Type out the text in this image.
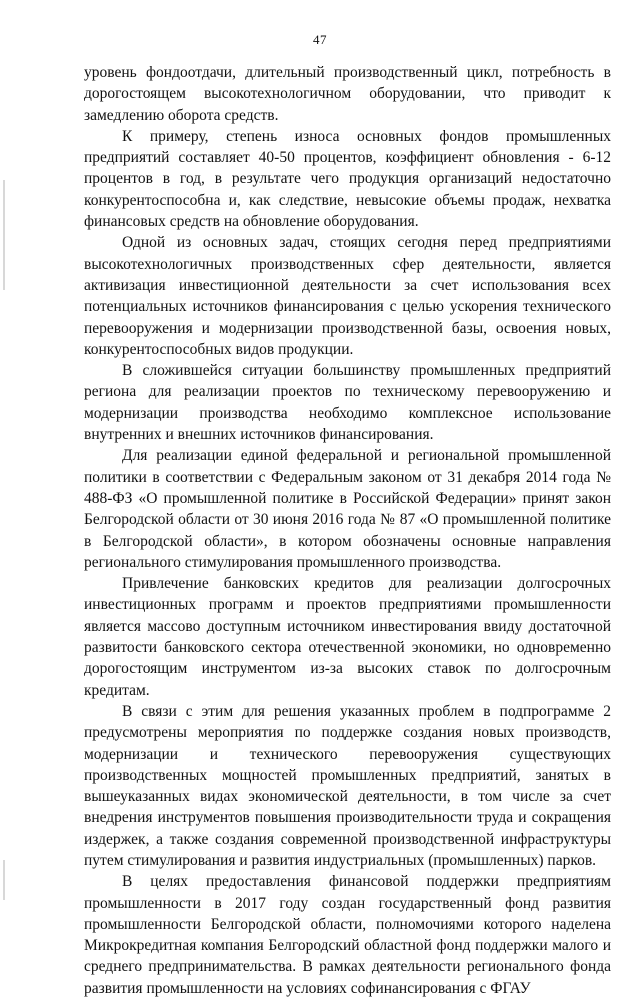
47

уровень фондоотдачи, длительный производственный цикл, потребность в дорогостоящем высокотехнологичном оборудовании, что приводит к замедлению оборота средств.

К примеру, степень износа основных фондов промышленных предприятий составляет 40-50 процентов, коэффициент обновления - 6-12 процентов в год, в результате чего продукция организаций недостаточно конкурентоспособна и, как следствие, невысокие объемы продаж, нехватка финансовых средств на обновление оборудования.

Одной из основных задач, стоящих сегодня перед предприятиями высокотехнологичных производственных сфер деятельности, является активизация инвестиционной деятельности за счет использования всех потенциальных источников финансирования с целью ускорения технического перевооружения и модернизации производственной базы, освоения новых, конкурентоспособных видов продукции.

В сложившейся ситуации большинству промышленных предприятий региона для реализации проектов по техническому перевооружению и модернизации производства необходимо комплексное использование внутренних и внешних источников финансирования.

Для реализации единой федеральной и региональной промышленной политики в соответствии с Федеральным законом от 31 декабря 2014 года № 488-ФЗ «О промышленной политике в Российской Федерации» принят закон Белгородской области от 30 июня 2016 года № 87 «О промышленной политике в Белгородской области», в котором обозначены основные направления регионального стимулирования промышленного производства.

Привлечение банковских кредитов для реализации долгосрочных инвестиционных программ и проектов предприятиями промышленности является массово доступным источником инвестирования ввиду достаточной развитости банковского сектора отечественной экономики, но одновременно дорогостоящим инструментом из-за высоких ставок по долгосрочным кредитам.

В связи с этим для решения указанных проблем в подпрограмме 2 предусмотрены мероприятия по поддержке создания новых производств, модернизации и технического перевооружения существующих производственных мощностей промышленных предприятий, занятых в вышеуказанных видах экономической деятельности, в том числе за счет внедрения инструментов повышения производительности труда и сокращения издержек, а также создания современной производственной инфраструктуры путем стимулирования и развития индустриальных (промышленных) парков.

В целях предоставления финансовой поддержки предприятиям промышленности в 2017 году создан государственный фонд развития промышленности Белгородской области, полномочиями которого наделена Микрокредитная компания Белгородский областной фонд поддержки малого и среднего предпринимательства. В рамках деятельности регионального фонда развития промышленности на условиях софинансирования с ФГАУ
